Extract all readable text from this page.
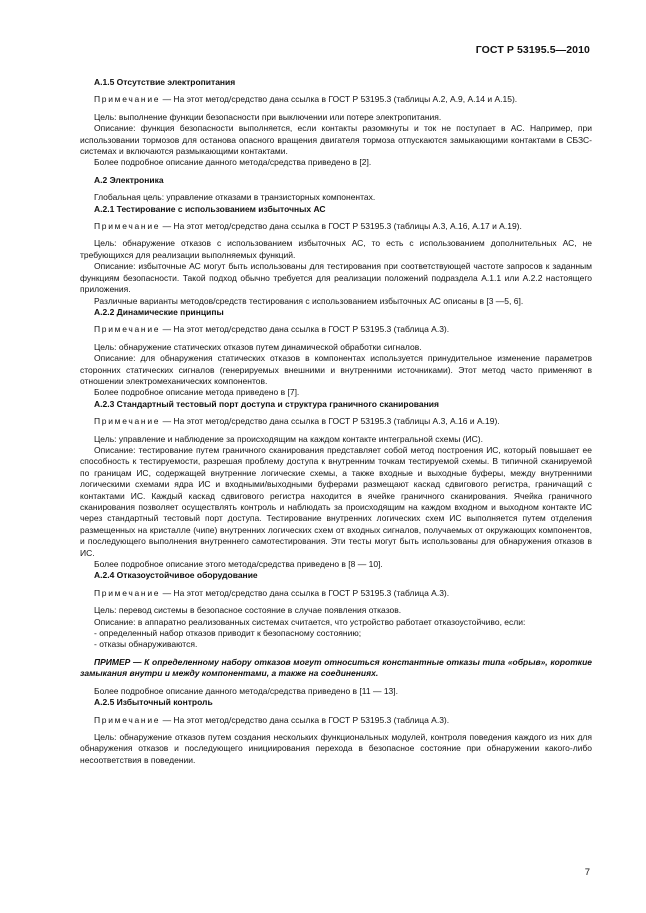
ГОСТ Р 53195.5—2010
А.1.5 Отсутствие электропитания

Примечание — На этот метод/средство дана ссылка в ГОСТ Р 53195.3 (таблицы А.2, А.9, А.14 и А.15).

Цель: выполнение функции безопасности при выключении или потере электропитания.

Описание: функция безопасности выполняется, если контакты разомкнуты и ток не поступает в АС. Например, при использовании тормозов для останова опасного вращения двигателя тормоза отпускаются замыкающими контактами в СБЗС-системах и включаются размыкающими контактами.

Более подробное описание данного метода/средства приведено в [2].

А.2 Электроника

Глобальная цель: управление отказами в транзисторных компонентах.

А.2.1 Тестирование с использованием избыточных АС

Примечание — На этот метод/средство дана ссылка в ГОСТ Р 53195.3 (таблицы А.3, А.16, А.17 и А.19).

Цель: обнаружение отказов с использованием избыточных АС, то есть с использованием дополнительных АС, не требующихся для реализации выполняемых функций.

Описание: избыточные АС могут быть использованы для тестирования при соответствующей частоте запросов к заданным функциям безопасности. Такой подход обычно требуется для реализации положений подраздела А.1.1 или А.2.2 настоящего приложения.

Различные варианты методов/средств тестирования с использованием избыточных АС описаны в [3 —5, 6].

А.2.2 Динамические принципы

Примечание — На этот метод/средство дана ссылка в ГОСТ Р 53195.3 (таблица А.3).

Цель: обнаружение статических отказов путем динамической обработки сигналов.

Описание: для обнаружения статических отказов в компонентах используется принудительное изменение параметров сторонних статических сигналов (генерируемых внешними и внутренними источниками). Этот метод часто применяют в отношении электромеханических компонентов.

Более подробное описание метода приведено в [7].

А.2.3 Стандартный тестовый порт доступа и структура граничного сканирования

Примечание — На этот метод/средство дана ссылка в ГОСТ Р 53195.3 (таблицы А.3, А.16 и А.19).

Цель: управление и наблюдение за происходящим на каждом контакте интегральной схемы (ИС).

Описание: тестирование путем граничного сканирования представляет собой метод построения ИС, который повышает ее способность к тестируемости, разрешая проблему доступа к внутренним точкам тестируемой схемы. В типичной сканируемой по границам ИС, содержащей внутренние логические схемы, а также входные и выходные буферы, между внутренними логическими схемами ядра ИС и входными/выходными буферами размещают каскад сдвигового регистра, граничащий с контактами ИС. Каждый каскад сдвигового регистра находится в ячейке граничного сканирования. Ячейка граничного сканирования позволяет осуществлять контроль и наблюдать за происходящим на каждом входном и выходном контакте ИС через стандартный тестовый порт доступа. Тестирование внутренних логических схем ИС выполняется путем отделения размещенных на кристалле (чипе) внутренних логических схем от входных сигналов, получаемых от окружающих компонентов, и последующего выполнения внутреннего самотестирования. Эти тесты могут быть использованы для обнаружения отказов в ИС.

Более подробное описание этого метода/средства приведено в [8 — 10].

А.2.4 Отказоустойчивое оборудование

Примечание — На этот метод/средство дана ссылка в ГОСТ Р 53195.3 (таблица А.3).

Цель: перевод системы в безопасное состояние в случае появления отказов.

Описание: в аппаратно реализованных системах считается, что устройство работает отказоустойчиво, если:

- определенный набор отказов приводит к безопасному состоянию;

- отказы обнаруживаются.

ПРИМЕР — К определенному набору отказов могут относиться константные отказы типа «обрыв», короткие замыкания внутри и между компонентами, а также на соединениях.

Более подробное описание данного метода/средства приведено в [11 — 13].

А.2.5 Избыточный контроль

Примечание — На этот метод/средство дана ссылка в ГОСТ Р 53195.3 (таблица А.3).

Цель: обнаружение отказов путем создания нескольких функциональных модулей, контроля поведения каждого из них для обнаружения отказов и последующего инициирования перехода в безопасное состояние при обнаружении какого-либо несоответствия в поведении.

7
